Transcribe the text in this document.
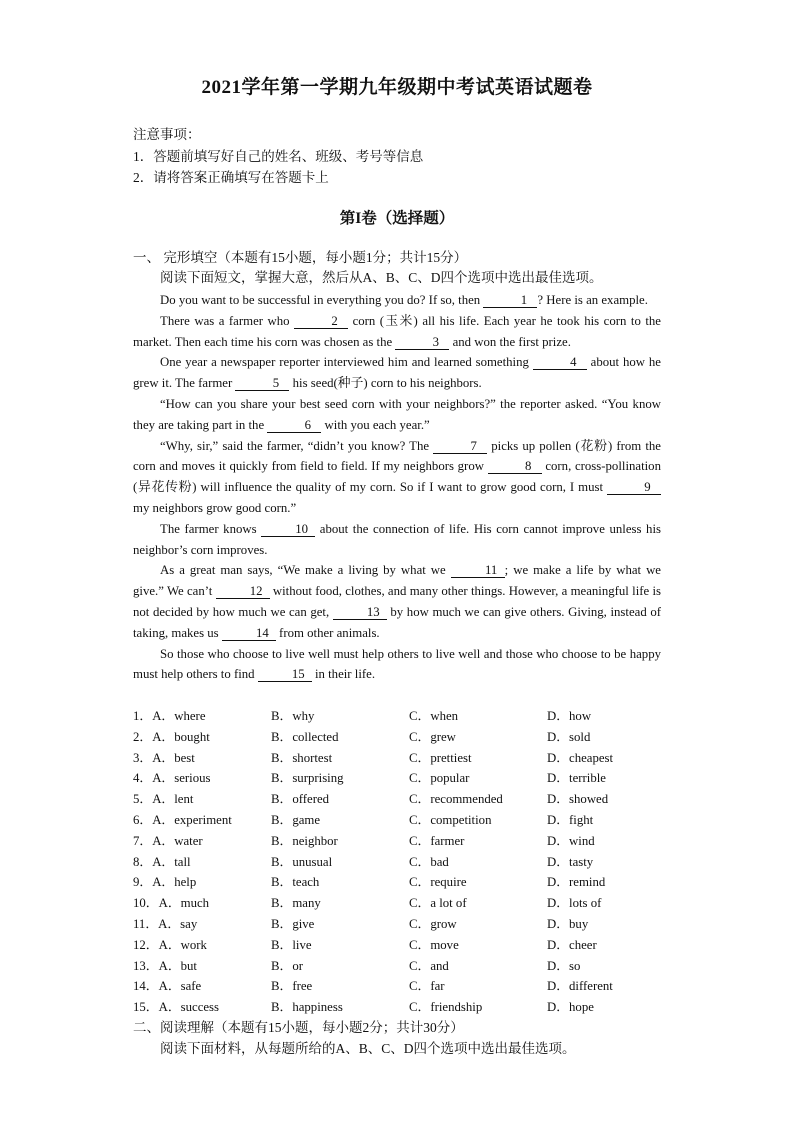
2021学年第一学期九年级期中考试英语试题卷
注意事项：
1．答题前填写好自己的姓名、班级、考号等信息
2．请将答案正确填写在答题卡上
第I卷（选择题）
一、 完形填空（本题有15小题，每小题1分；共计15分）
阅读下面短文，掌握大意，然后从A、B、C、D四个选项中选出最佳选项。

Do you want to be successful in everything you do? If so, then	1 ? Here is an example.

There was a farmer who	2 corn (玉米) all his life. Each year he took his corn to the market. Then each time his corn was chosen as the	3 and won the first prize.

One year a newspaper reporter interviewed him and learned something	4 about how he grew it. The farmer	5 his seed(种子) corn to his neighbors.

“How can you share your best seed corn with your neighbors?” the reporter asked. “You know they are taking part in the	6 with you each year.”

“Why, sir,” said the farmer, “didn’t you know? The	7 picks up pollen (花粉) from the corn and moves it quickly from field to field. If my neighbors grow	8 corn, cross-pollination (异花传粉) will influence the quality of my corn. So if I want to grow good corn, I must	9 my neighbors grow good corn.”

The farmer knows	10 about the connection of life. His corn cannot improve unless his neighbor’s corn improves.

As a great man says, “We make a living by what we	11 ; we make a life by what we give.” We can’t	12 without food, clothes, and many other things. However, a meaningful life is not decided by how much we can get,	13 by how much we can give others. Giving, instead of taking, makes us	14 from other animals.

So those who choose to live well must help others to live well and those who choose to be happy must help others to find	15 in their life.

1．A．where	B．why	C．when	D．how
2．A．bought	B．collected	C．grew	D．sold
3．A．best	B．shortest	C．prettiest	D．cheapest
4．A．serious	B．surprising	C．popular	D．terrible
5．A．lent	B．offered	C．recommended	D．showed
6．A．experiment	B．game	C．competition	D．fight
7．A．water	B．neighbor	C．farmer	D．wind
8．A．tall	B．unusual	C．bad	D．tasty
9．A．help	B．teach	C．require	D．remind
10．A．much	B．many	C．a lot of	D．lots of
11．A．say	B．give	C．grow	D．buy
12．A．work	B．live	C．move	D．cheer
13．A．but	B．or	C．and	D．so
14．A．safe	B．free	C．far	D．different
15．A．success	B．happiness	C．friendship	D．hope
二、阅读理解（本题有15小题，每小题2分；共计30分）
阅读下面材料，从每题所给的A、B、C、D四个选项中选出最佳选项。
